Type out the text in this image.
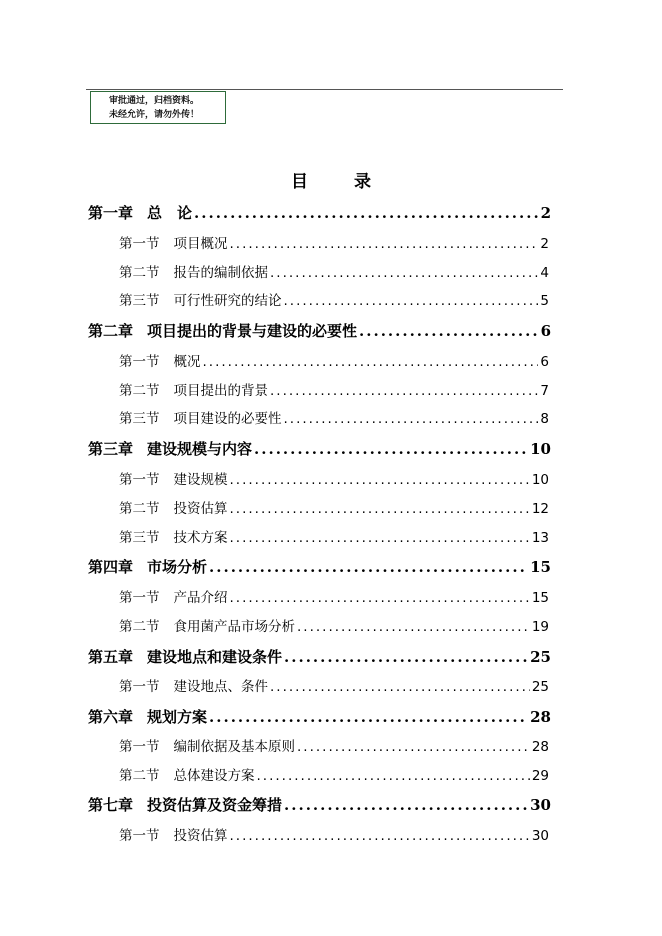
审批通过，归档资料。
未经允许，请勿外传！
目 录
第一章 总　论 .....	2
第一节 项目概况 .....	2
第二节 报告的编制依据 .....	4
第三节 可行性研究的结论 .....	5
第二章 项目提出的背景与建设的必要性 .....	6
第一节 概况 .....	6
第二节 项目提出的背景 .....	7
第三节 项目建设的必要性 .....	8
第三章 建设规模与内容 .....	10
第一节 建设规模 .....	10
第二节 投资估算 .....	12
第三节 技术方案 .....	13
第四章 市场分析 .....	15
第一节 产品介绍 .....	15
第二节 食用菌产品市场分析 .....	19
第五章 建设地点和建设条件 .....	25
第一节 建设地点、条件 .....	25
第六章 规划方案 .....	28
第一节 编制依据及基本原则 .....	28
第二节 总体建设方案 .....	29
第七章 投资估算及资金筹措 .....	30
第一节 投资估算 .....	30
